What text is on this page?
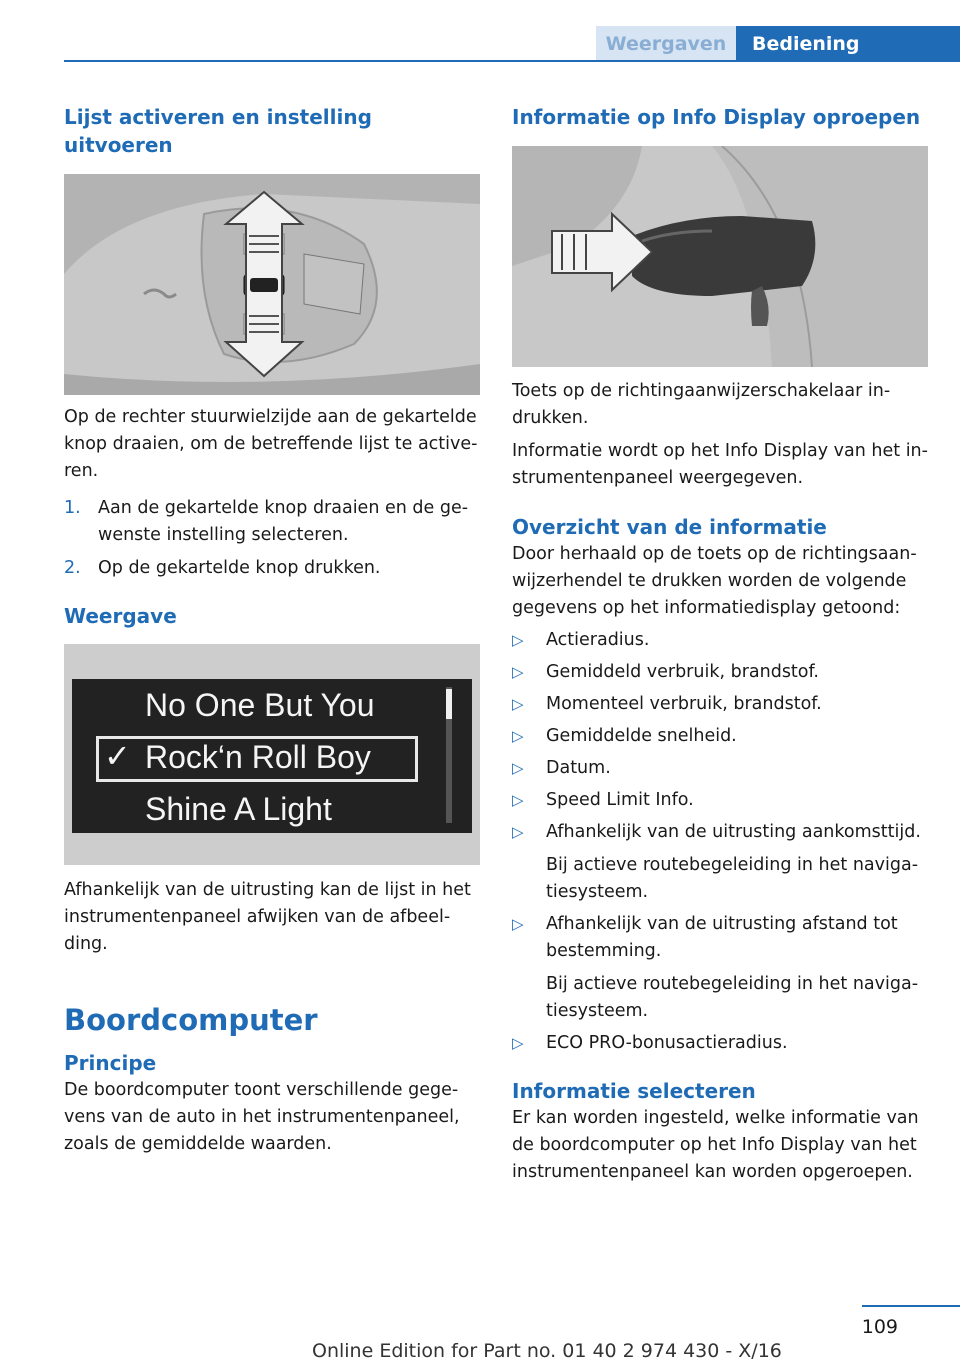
Weergaven	Bediening
Lijst activeren en instelling uitvoeren

Op de rechter stuurwielzijde aan de gekartelde knop draaien, om de betreffende lijst te activeren.

1. Aan de gekartelde knop draaien en de gewenste instelling selecteren.
2. Op de gekartelde knop drukken.
Weergave
No One But You
✓ Rock‘n Roll Boy
Shine A Light

Afhankelijk van de uitrusting kan de lijst in het instrumentenpaneel afwijken van de afbeelding.

Boordcomputer
Principe

De boordcomputer toont verschillende gegevens van de auto in het instrumentenpaneel, zoals de gemiddelde waarden.

Informatie op Info Display oproepen

Toets op de richtingaanwijzerschakelaar indrukken.

Informatie wordt op het Info Display van het instrumentenpaneel weergegeven.

Overzicht van de informatie

Door herhaald op de toets op de richtingsaanwijzerhendel te drukken worden de volgende gegevens op het informatiedisplay getoond:

▷ Actieradius.
▷ Gemiddeld verbruik, brandstof.
▷ Momenteel verbruik, brandstof.
▷ Gemiddelde snelheid.
▷ Datum.
▷ Speed Limit Info.
▷ Afhankelijk van de uitrusting aankomsttijd.
Bij actieve routebegeleiding in het navigatiesysteem.
▷ Afhankelijk van de uitrusting afstand tot bestemming.
Bij actieve routebegeleiding in het navigatiesysteem.
▷ ECO PRO-bonusactieradius.
Informatie selecteren

Er kan worden ingesteld, welke informatie van de boordcomputer op het Info Display van het instrumentenpaneel kan worden opgeroepen.

109
Online Edition for Part no. 01 40 2 974 430 - X/16
